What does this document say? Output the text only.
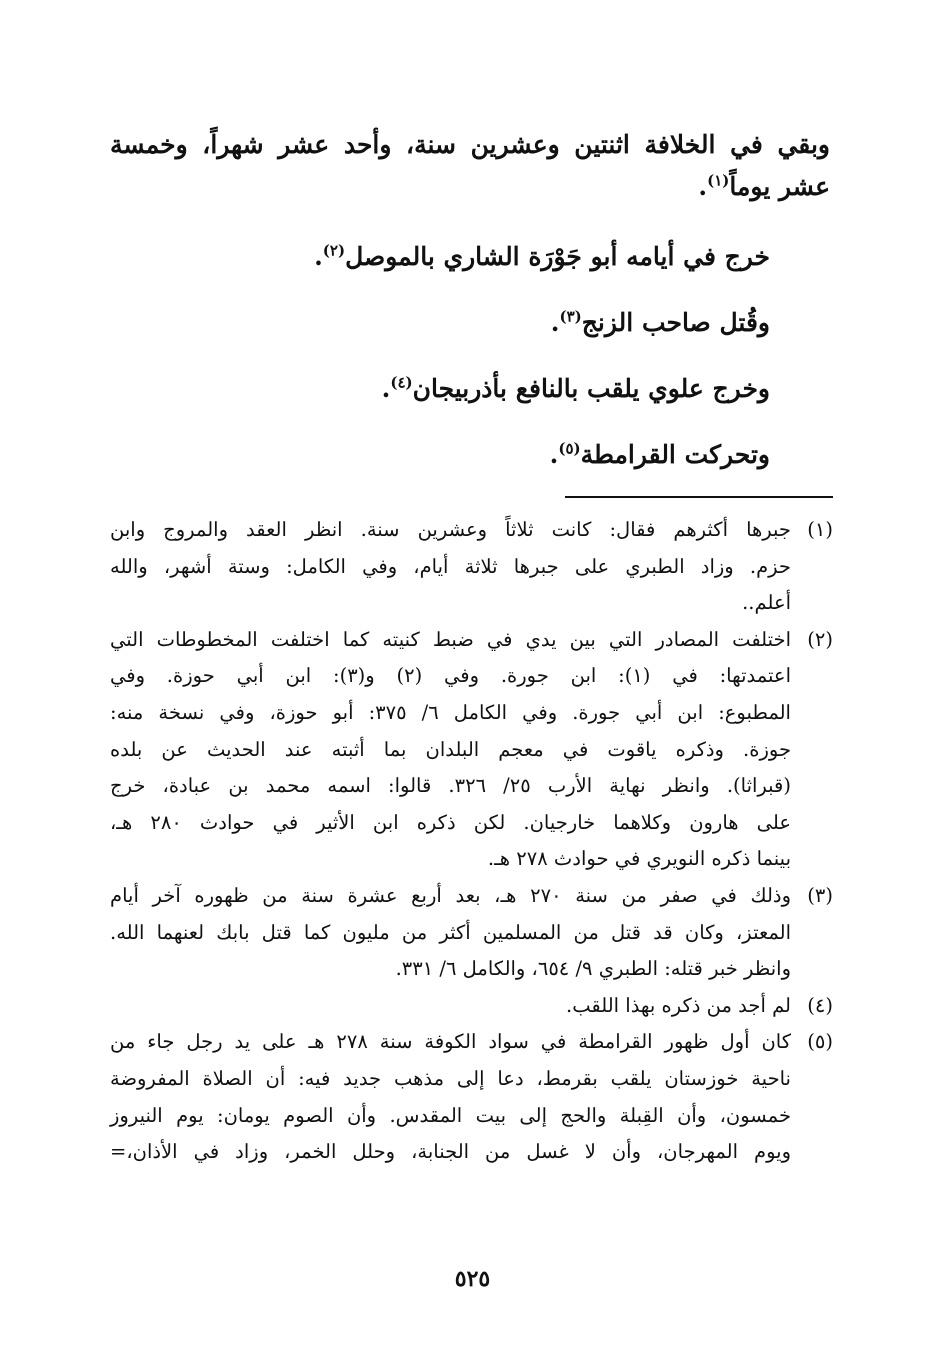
وبقي في الخلافة اثنتين وعشرين سنة، وأحد عشر شهراً، وخمسة
عشر يوماً$^{(١)}$.
خرج في أيامه أبو جَوْرَة الشاري بالموصل$^{(٢)}$.
وقُتل صاحب الزنج$^{(٣)}$.
وخرج علوي يلقب بالنافع بأذربيجان$^{(٤)}$.
وتحركت القرامطة$^{(٥)}$.
(١)
جبرها أكثرهم فقال: كانت ثلاثاً وعشرين سنة. انظر العقد والمروج وابن
حزم. وزاد الطبري على جبرها ثلاثة أيام، وفي الكامل: وستة أشهر، والله
أعلم..
(٢)
اختلفت المصادر التي بين يدي في ضبط كنيته كما اختلفت المخطوطات التي
اعتمدتها: في (١): ابن جورة. وفي (٢) و(٣): ابن أبي حوزة. وفي
المطبوع: ابن أبي جورة. وفي الكامل ٦/ ٣٧٥: أبو حوزة، وفي نسخة منه:
جوزة. وذكره ياقوت في معجم البلدان بما أثبته عند الحديث عن بلده
(قبراثا). وانظر نهاية الأرب ٢٥/ ٣٢٦. قالوا: اسمه محمد بن عبادة، خرج
على هارون وكلاهما خارجيان. لكن ذكره ابن الأثير في حوادث ٢٨٠ هـ،
بينما ذكره النويري في حوادث ٢٧٨ هـ.
(٣)
وذلك في صفر من سنة ٢٧٠ هـ، بعد أربع عشرة سنة من ظهوره آخر أيام
المعتز، وكان قد قتل من المسلمين أكثر من مليون كما قتل بابك لعنهما الله.
وانظر خبر قتله: الطبري ٩/ ٦٥٤، والكامل ٦/ ٣٣١.
(٤)
لم أجد من ذكره بهذا اللقب.
(٥)
كان أول ظهور القرامطة في سواد الكوفة سنة ٢٧٨ هـ على يد رجل جاء من
ناحية خوزستان يلقب بقرمط، دعا إلى مذهب جديد فيه: أن الصلاة المفروضة
خمسون، وأن القِبلة والحج إلى بيت المقدس. وأن الصوم يومان: يوم النيروز
ويوم المهرجان، وأن لا غسل من الجنابة، وحلل الخمر، وزاد في الأذان،=
٥٢٥
